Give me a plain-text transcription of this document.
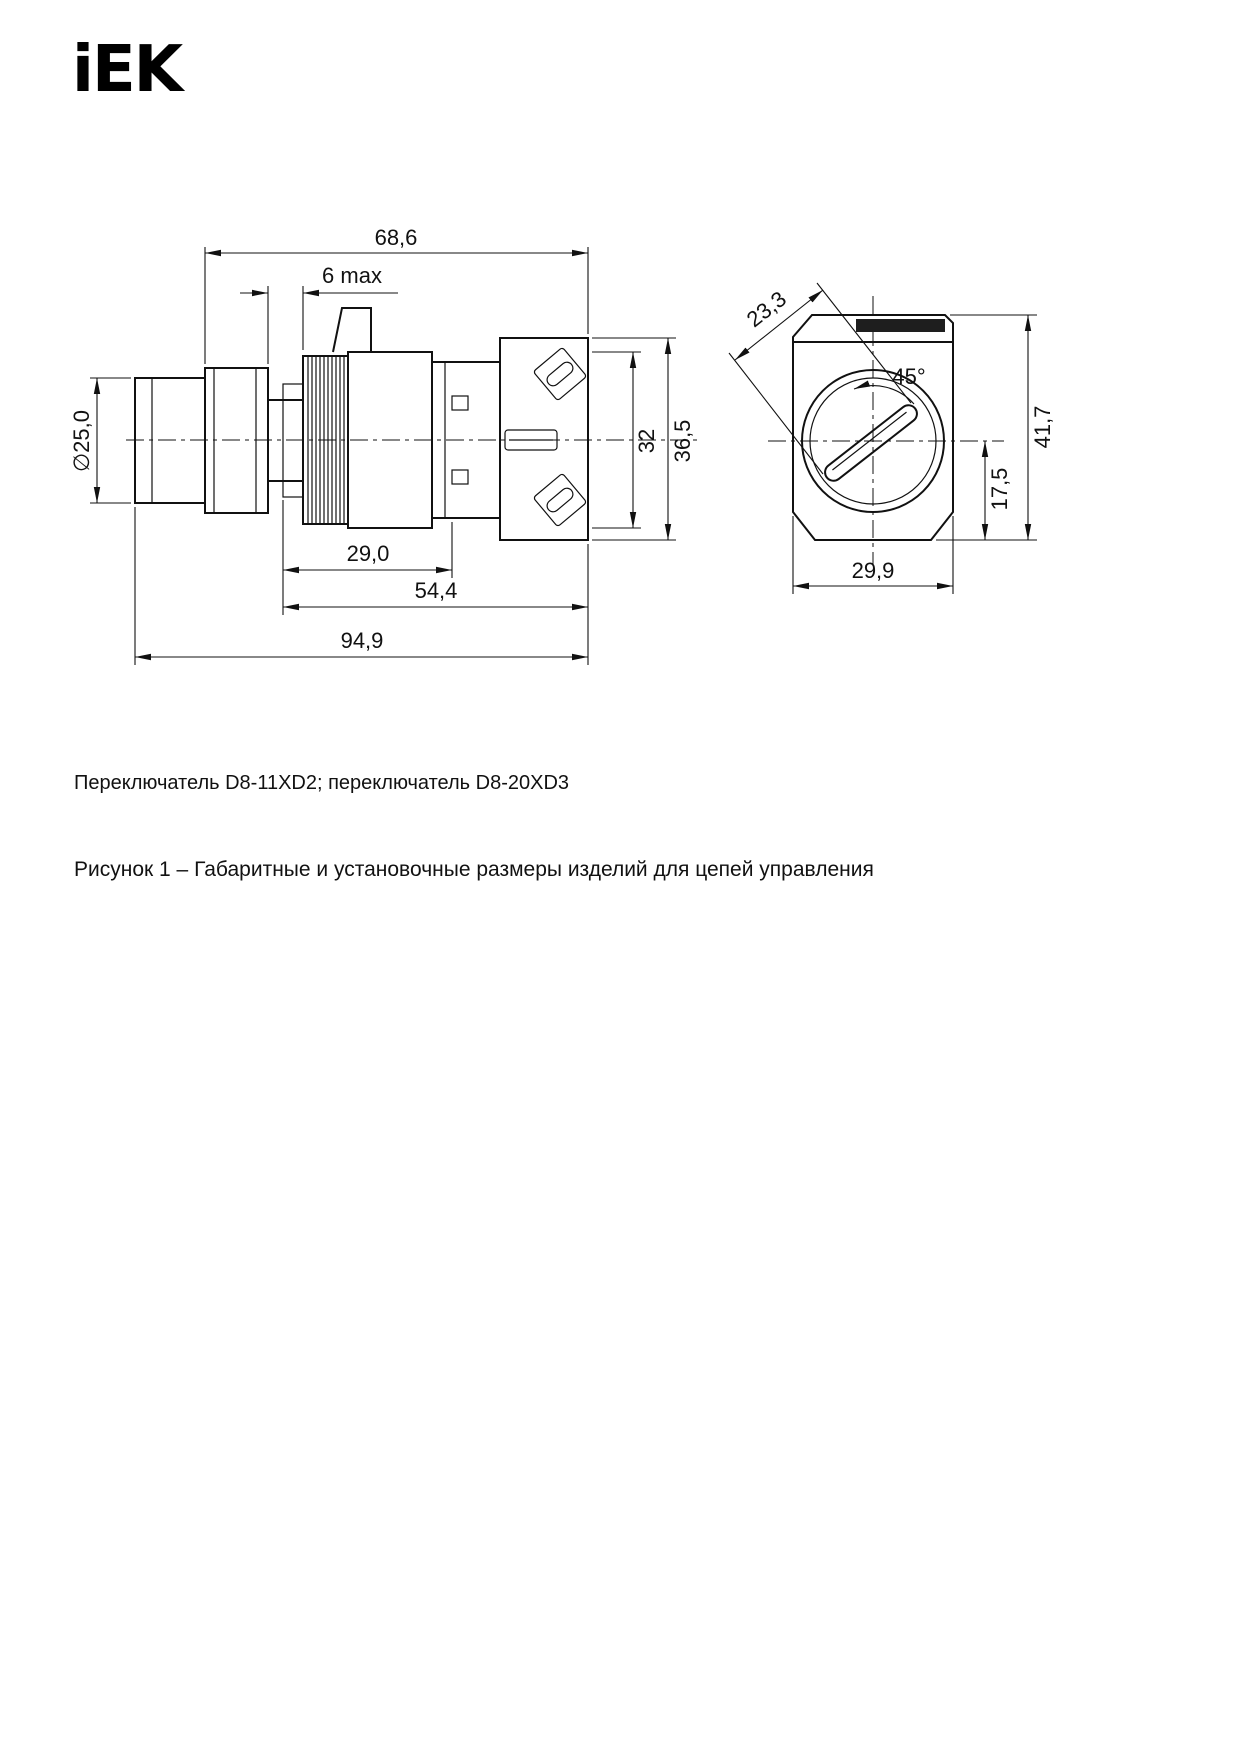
iEK
68,6
6 max
∅25,0	32 36,5
29,0
54,4
94,9
45°
23,3
41,7
17,5
29,9
Переключатель D8-11XD2; переключатель D8-20XD3
Рисунок 1 – Габаритные и установочные размеры изделий для цепей управления
